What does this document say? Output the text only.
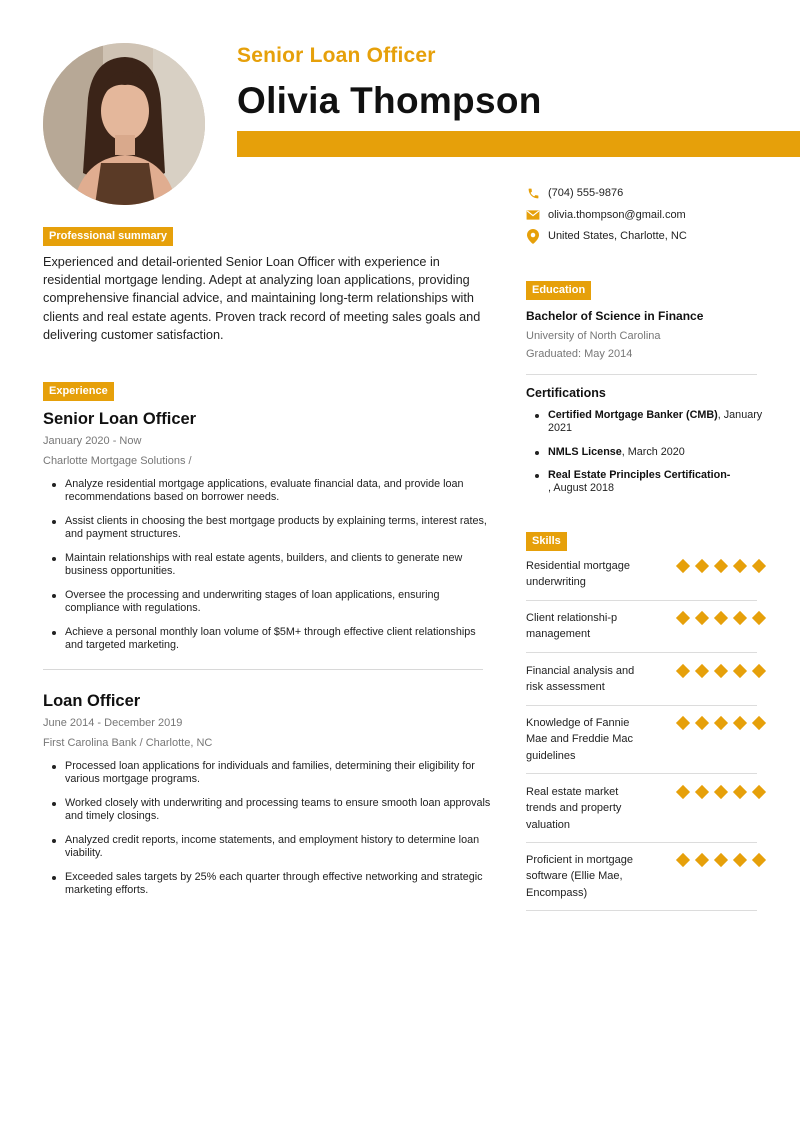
Senior Loan Officer
Olivia Thompson
(704) 555-9876
olivia.thompson@gmail.com
United States, Charlotte, NC
Professional summary
Experienced and detail-oriented Senior Loan Officer with experience in residential mortgage lending. Adept at analyzing loan applications, providing comprehensive financial advice, and maintaining long-term relationships with clients and real estate agents. Proven track record of meeting sales goals and delivering customer satisfaction.
Experience
Senior Loan Officer
January 2020 - Now
Charlotte Mortgage Solutions /
Analyze residential mortgage applications, evaluate financial data, and provide loan recommendations based on borrower needs.
Assist clients in choosing the best mortgage products by explaining terms, interest rates, and payment structures.
Maintain relationships with real estate agents, builders, and clients to generate new business opportunities.
Oversee the processing and underwriting stages of loan applications, ensuring compliance with regulations.
Achieve a personal monthly loan volume of $5M+ through effective client relationships and targeted marketing.
Loan Officer
June 2014 - December 2019
First Carolina Bank / Charlotte, NC
Processed loan applications for individuals and families, determining their eligibility for various mortgage programs.
Worked closely with underwriting and processing teams to ensure smooth loan approvals and timely closings.
Analyzed credit reports, income statements, and employment history to determine loan viability.
Exceeded sales targets by 25% each quarter through effective networking and strategic marketing efforts.
Education
Bachelor of Science in Finance
University of North Carolina
Graduated: May 2014
Certifications
Certified Mortgage Banker (CMB), January 2021
NMLS License, March 2020
Real Estate Principles Certification-
, August 2018
Skills
Residential mortgage underwriting
Client relationshi-p management
Financial analysis and risk assessment
Knowledge of Fannie Mae and Freddie Mac guidelines
Real estate market trends and property valuation
Proficient in mortgage software (Ellie Mae, Encompass)
